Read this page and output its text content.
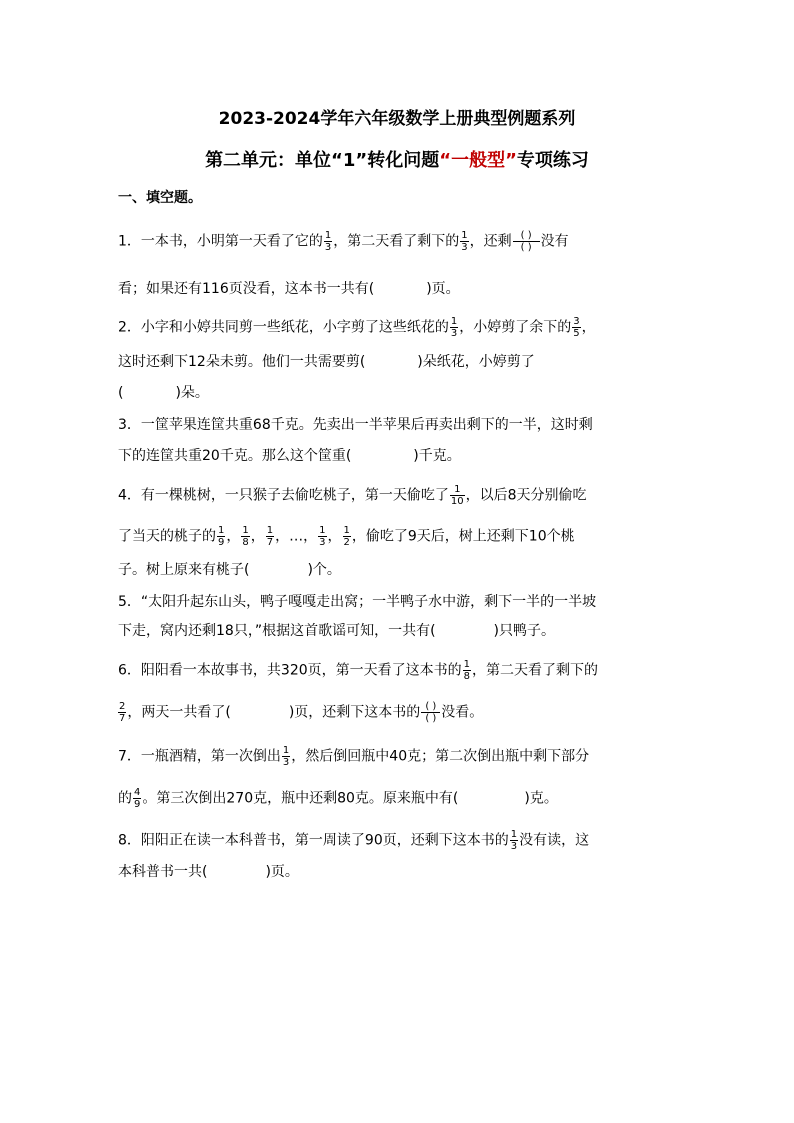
2023-2024学年六年级数学上册典型例题系列
第二单元：单位“1”转化问题“一般型”专项练习
一、填空题。
1．一本书，小明第一天看了它的 $\frac{1}{3}$ ，第二天看了剩下的 $\frac{1}{3}$ ，还剩 ( )
( ) 没有
看；如果还有116页没看，这本书一共有(	)页。
2．小字和小婷共同剪一些纸花，小字剪了这些纸花的 $\frac{1}{3}$ ，小婷剪了余下的 $\frac{3}{5}$ ，
这时还剩下12朵未剪。他们一共需要剪(	)朵纸花，小婷剪了
(	)朵。
3．一筐苹果连筐共重68千克。先卖出一半苹果后再卖出剩下的一半，这时剩
下的连筐共重20千克。那么这个筐重(	)千克。
4．有一棵桃树，一只猴子去偷吃桃子，第一天偷吃了 $\frac{1}{10}$ ，以后8天分别偷吃
了当天的桃子的 $\frac{1}{9}$ ， $\frac{1}{8}$ ， $\frac{1}{7}$ ，…， $\frac{1}{3}$ ， $\frac{1}{2}$ ，偷吃了9天后，树上还剩下10个桃
子。树上原来有桃子(	)个。
5．“太阳升起东山头，鸭子嘎嘎走出窝；一半鸭子水中游，剩下一半的一半坡
下走，窝内还剩18只，”根据这首歌谣可知，一共有(	)只鸭子。
6．阳阳看一本故事书，共320页，第一天看了这本书的 $\frac{1}{8}$ ，第二天看了剩下的
$\frac{2}{7}$ ，两天一共看了(	)页，还剩下这本书的 ( )
( ) 没看。
7．一瓶酒精，第一次倒出 $\frac{1}{3}$ ，然后倒回瓶中40克；第二次倒出瓶中剩下部分
的 $\frac{4}{9}$ 。第三次倒出270克，瓶中还剩80克。原来瓶中有(	)克。
8．阳阳正在读一本科普书，第一周读了90页，还剩下这本书的 $\frac{1}{3}$ 没有读，这
本科普书一共(	)页。
